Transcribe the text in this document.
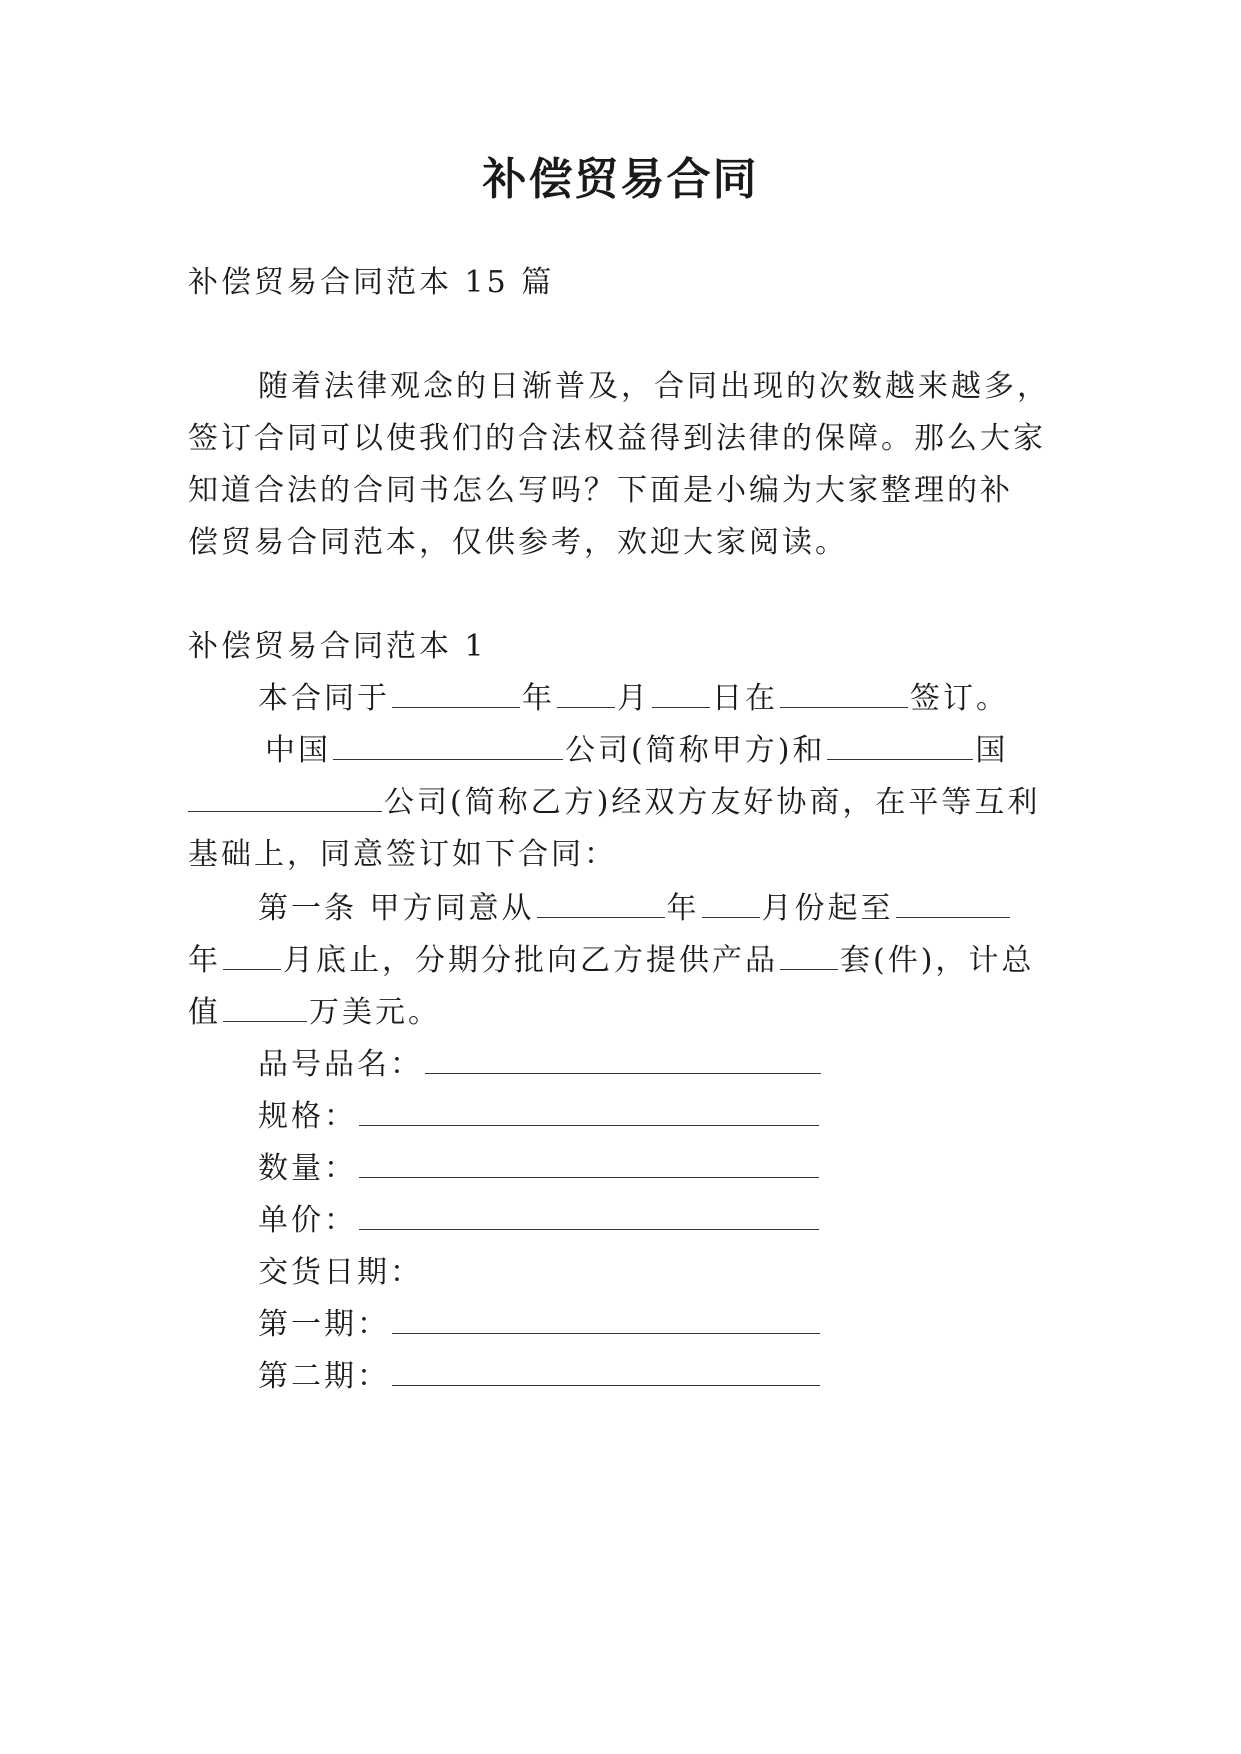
补偿贸易合同
补偿贸易合同范本 15 篇
随着法律观念的日渐普及，合同出现的次数越来越多，
签订合同可以使我们的合法权益得到法律的保障。那么大家
知道合法的合同书怎么写吗？下面是小编为大家整理的补
偿贸易合同范本，仅供参考，欢迎大家阅读。
补偿贸易合同范本 1
本合同于	年 月 日在	签订。
中国	公司(简称甲方)和	国
公司(简称乙方)经双方友好协商，在平等互利
基础上，同意签订如下合同：
第一条 甲方同意从	年 月份起至
年 月底止，分期分批向乙方提供产品 套(件)，计总
值	万美元。
品号品名：
规格：
数量：
单价：
交货日期：
第一期：
第二期：
